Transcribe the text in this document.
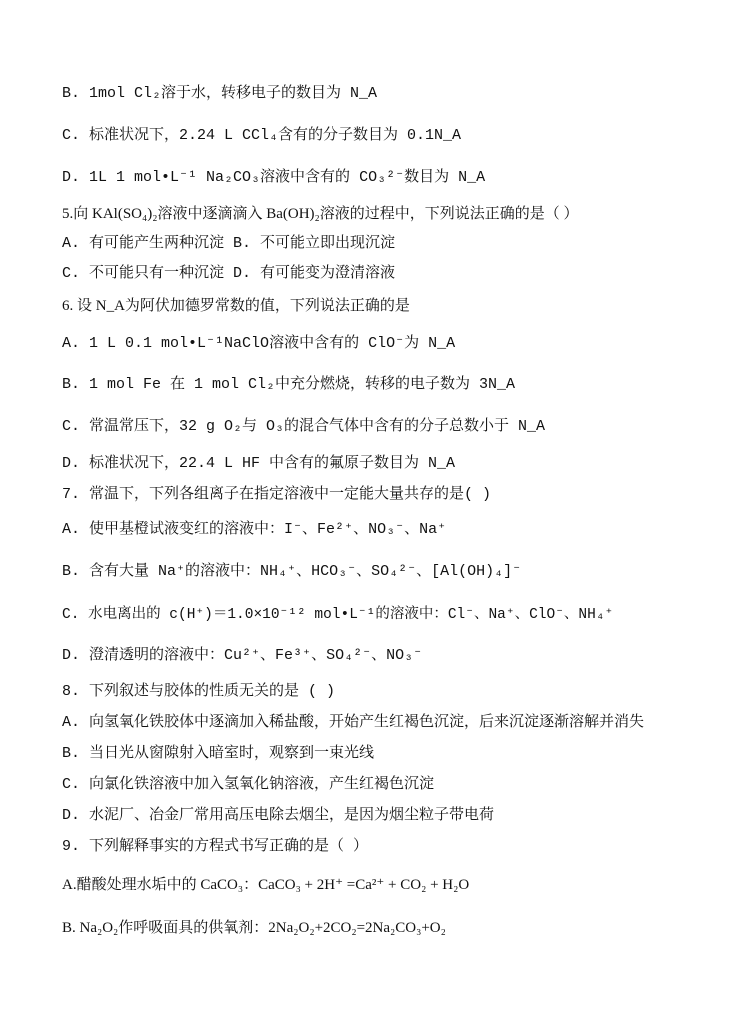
B. 1mol Cl₂溶于水，转移电子的数目为 N_A
C. 标准状况下，2.24 L CCl₄含有的分子数目为 0.1N_A
D. 1L 1 mol•L⁻¹ Na₂CO₃溶液中含有的 CO₃²⁻数目为 N_A
5.向 KAl(SO₄)₂溶液中逐滴滴入 Ba(OH)₂溶液的过程中，下列说法正确的是（ ）
A. 有可能产生两种沉淀 B. 不可能立即出现沉淀
C. 不可能只有一种沉淀 D. 有可能变为澄清溶液
6. 设 N_A为阿伏加德罗常数的值，下列说法正确的是
A. 1 L 0.1 mol•L⁻¹NaClO溶液中含有的 ClO⁻为 N_A
B. 1 mol Fe 在 1 mol Cl₂中充分燃烧，转移的电子数为 3N_A
C. 常温常压下，32 g O₂与 O₃的混合气体中含有的分子总数小于 N_A
D. 标准状况下，22.4 L HF 中含有的氟原子数目为 N_A
7. 常温下，下列各组离子在指定溶液中一定能大量共存的是( )
A. 使甲基橙试液变红的溶液中：I⁻、Fe²⁺、NO₃⁻、Na⁺
B. 含有大量 Na⁺的溶液中：NH₄⁺、HCO₃⁻、SO₄²⁻、[Al(OH)₄]⁻
C. 水电离出的 c(H⁺)＝1.0×10⁻¹² mol•L⁻¹的溶液中：Cl⁻、Na⁺、ClO⁻、NH₄⁺
D. 澄清透明的溶液中：Cu²⁺、Fe³⁺、SO₄²⁻、NO₃⁻
8. 下列叙述与胶体的性质无关的是 ( )
A. 向氢氧化铁胶体中逐滴加入稀盐酸，开始产生红褐色沉淀，后来沉淀逐渐溶解并消失
B. 当日光从窗隙射入暗室时，观察到一束光线
C. 向氯化铁溶液中加入氢氧化钠溶液，产生红褐色沉淀
D. 水泥厂、冶金厂常用高压电除去烟尘，是因为烟尘粒子带电荷
9. 下列解释事实的方程式书写正确的是（ ）
A.醋酸处理水垢中的 CaCO₃：CaCO₃ + 2H⁺ =Ca²⁺ + CO₂ + H₂O
B. Na₂O₂作呼吸面具的供氧剂：2Na₂O₂+2CO₂=2Na₂CO₃+O₂
